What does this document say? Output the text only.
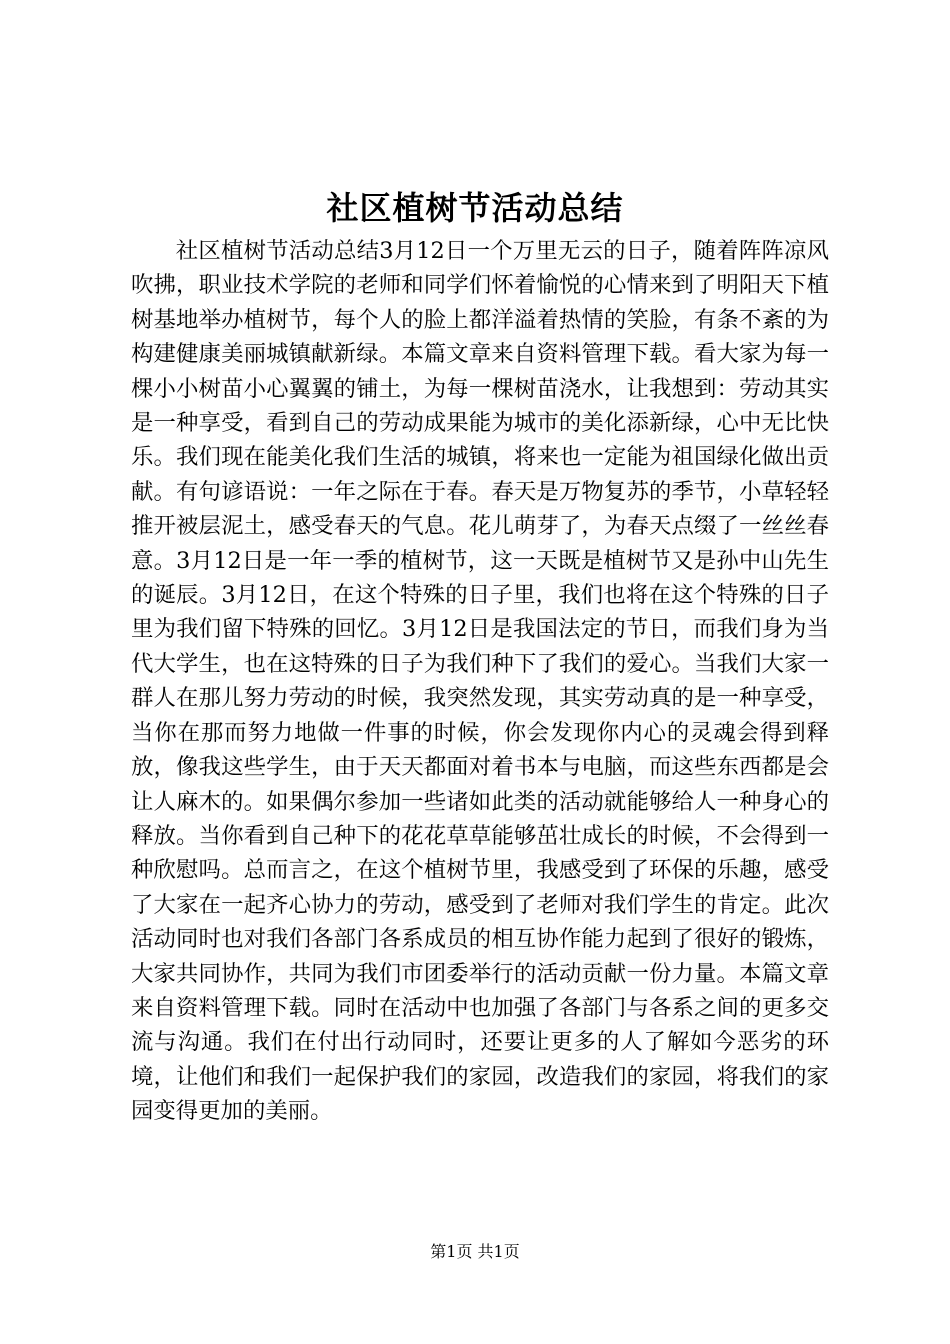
社区植树节活动总结

社区植树节活动总结3月12日一个万里无云的日子，随着阵阵凉风吹拂，职业技术学院的老师和同学们怀着愉悦的心情来到了明阳天下植树基地举办植树节，每个人的脸上都洋溢着热情的笑脸，有条不紊的为构建健康美丽城镇献新绿。本篇文章来自资料管理下载。看大家为每一棵小小树苗小心翼翼的铺土，为每一棵树苗浇水，让我想到：劳动其实是一种享受，看到自己的劳动成果能为城市的美化添新绿，心中无比快乐。我们现在能美化我们生活的城镇，将来也一定能为祖国绿化做出贡献。有句谚语说：一年之际在于春。春天是万物复苏的季节，小草轻轻推开被层泥土，感受春天的气息。花儿萌芽了，为春天点缀了一丝丝春意。3月12日是一年一季的植树节，这一天既是植树节又是孙中山先生的诞辰。3月12日，在这个特殊的日子里，我们也将在这个特殊的日子里为我们留下特殊的回忆。3月12日是我国法定的节日，而我们身为当代大学生，也在这特殊的日子为我们种下了我们的爱心。当我们大家一群人在那儿努力劳动的时候，我突然发现，其实劳动真的是一种享受，当你在那而努力地做一件事的时候，你会发现你内心的灵魂会得到释放，像我这些学生，由于天天都面对着书本与电脑，而这些东西都是会让人麻木的。如果偶尔参加一些诸如此类的活动就能够给人一种身心的释放。当你看到自己种下的花花草草能够茁壮成长的时候，不会得到一种欣慰吗。总而言之，在这个植树节里，我感受到了环保的乐趣，感受了大家在一起齐心协力的劳动，感受到了老师对我们学生的肯定。此次活动同时也对我们各部门各系成员的相互协作能力起到了很好的锻炼，大家共同协作，共同为我们市团委举行的活动贡献一份力量。本篇文章来自资料管理下载。同时在活动中也加强了各部门与各系之间的更多交流与沟通。我们在付出行动同时，还要让更多的人了解如今恶劣的环境，让他们和我们一起保护我们的家园，改造我们的家园，将我们的家园变得更加的美丽。

第1页 共1页
